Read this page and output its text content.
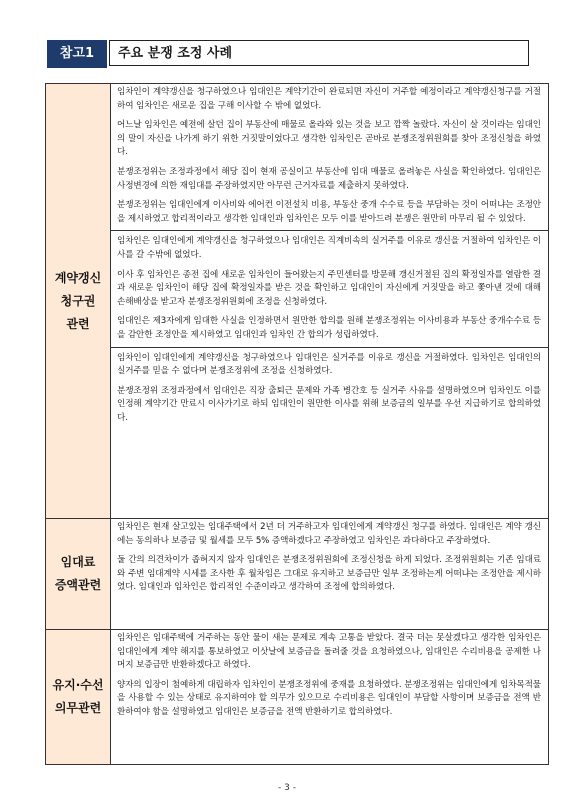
참고1	주요 분쟁 조정 사례
계약갱신
청구권
관련

임차인이 계약갱신을 청구하였으나 임대인은 계약기간이 완료되면 자신이 거주할 예정이라고 계약갱신청구를 거절하여 임차인은 새로운 집을 구해 이사할 수 밖에 없었다.

어느날 임차인은 예전에 살던 집이 부동산에 매물로 올라와 있는 것을 보고 깜짝 놀랐다. 자신이 살 것이라는 임대인의 말이 자신을 나가게 하기 위한 거짓말이었다고 생각한 임차인은 곧바로 분쟁조정위원회를 찾아 조정신청을 하였다.

분쟁조정위는 조정과정에서 해당 집이 현재 공실이고 부동산에 임대 매물로 올려놓은 사실을 확인하였다. 임대인은 사정변경에 의한 재임대를 주장하였지만 아무런 근거자료를 제출하지 못하였다.

분쟁조정위는 임대인에게 이사비와 에어컨 이전설치 비용, 부동산 중개 수수료 등을 부담하는 것이 어떠냐는 조정안을 제시하였고 합리적이라고 생각한 임대인과 임차인은 모두 이를 받아드려 분쟁은 원만히 마무리 될 수 있었다.

임차인은 임대인에게 계약갱신을 청구하였으나 임대인은 직계비속의 실거주를 이유로 갱신을 거절하여 임차인은 이사를 갈 수밖에 없었다.

이사 후 임차인은 종전 집에 새로운 임차인이 들어왔는지 주민센터를 방문해 갱신거절된 집의 확정일자를 열람한 결과 새로운 임차인이 해당 집에 확정일자를 받은 것을 확인하고 임대인이 자신에게 거짓말을 하고 쫓아낸 것에 대해 손해배상을 받고자 분쟁조정위원회에 조정을 신청하였다.

임대인은 제3자에게 임대한 사실을 인정하면서 원만한 합의를 원해 분쟁조정위는 이사비용과 부동산 중개수수료 등을 감안한 조정안을 제시하였고 임대인과 임차인 간 합의가 성립하였다.

임차인이 임대인에게 계약갱신을 청구하였으나 임대인은 실거주를 이유로 갱신을 거절하였다. 임차인은 임대인의 실거주를 믿을 수 없다며 분쟁조정위에 조정을 신청하였다.

분쟁조정위 조정과정에서 임대인은 직장 출퇴근 문제와 가족 병간호 등 실거주 사유를 설명하였으며 임차인도 이를 인정해 계약기간 만료시 이사가기로 하되 임대인이 원만한 이사를 위해 보증금의 일부를 우선 지급하기로 합의하였다.

임대료
증액관련

임차인은 현재 살고있는 임대주택에서 2년 더 거주하고자 임대인에게 계약갱신 청구를 하였다. 임대인은 계약 갱신에는 동의하나 보증금 및 월세를 모두 5% 증액하겠다고 주장하였고 임차인은 과다하다고 주장하였다.

둘 간의 의견차이가 좁혀지지 않자 임대인은 분쟁조정위원회에 조정신청을 하게 되었다. 조정위원회는 기존 임대료와 주변 임대계약 시세를 조사한 후 월차임은 그대로 유지하고 보증금만 일부 조정하는게 어떠냐는 조정안을 제시하였다. 임대인과 임차인은 합리적인 수준이라고 생각하여 조정에 합의하였다.

유지·수선
의무관련

임차인은 임대주택에 거주하는 동안 물이 새는 문제로 계속 고통을 받았다. 결국 더는 못살겠다고 생각한 임차인은 임대인에게 계약 해지를 통보하였고 이삿날에 보증금을 돌려줄 것을 요청하였으나, 임대인은 수리비용을 공제한 나머지 보증금만 반환하겠다고 하였다.

양자의 입장이 첨예하게 대립하자 임차인이 분쟁조정위에 중재를 요청하였다. 분쟁조정위는 임대인에게 임차목적물을 사용할 수 있는 상태로 유지하여야 할 의무가 있으므로 수리비용은 임대인이 부담할 사항이며 보증금을 전액 반환하여야 함을 설명하였고 임대인은 보증금을 전액 반환하기로 합의하였다.

- 3 -
